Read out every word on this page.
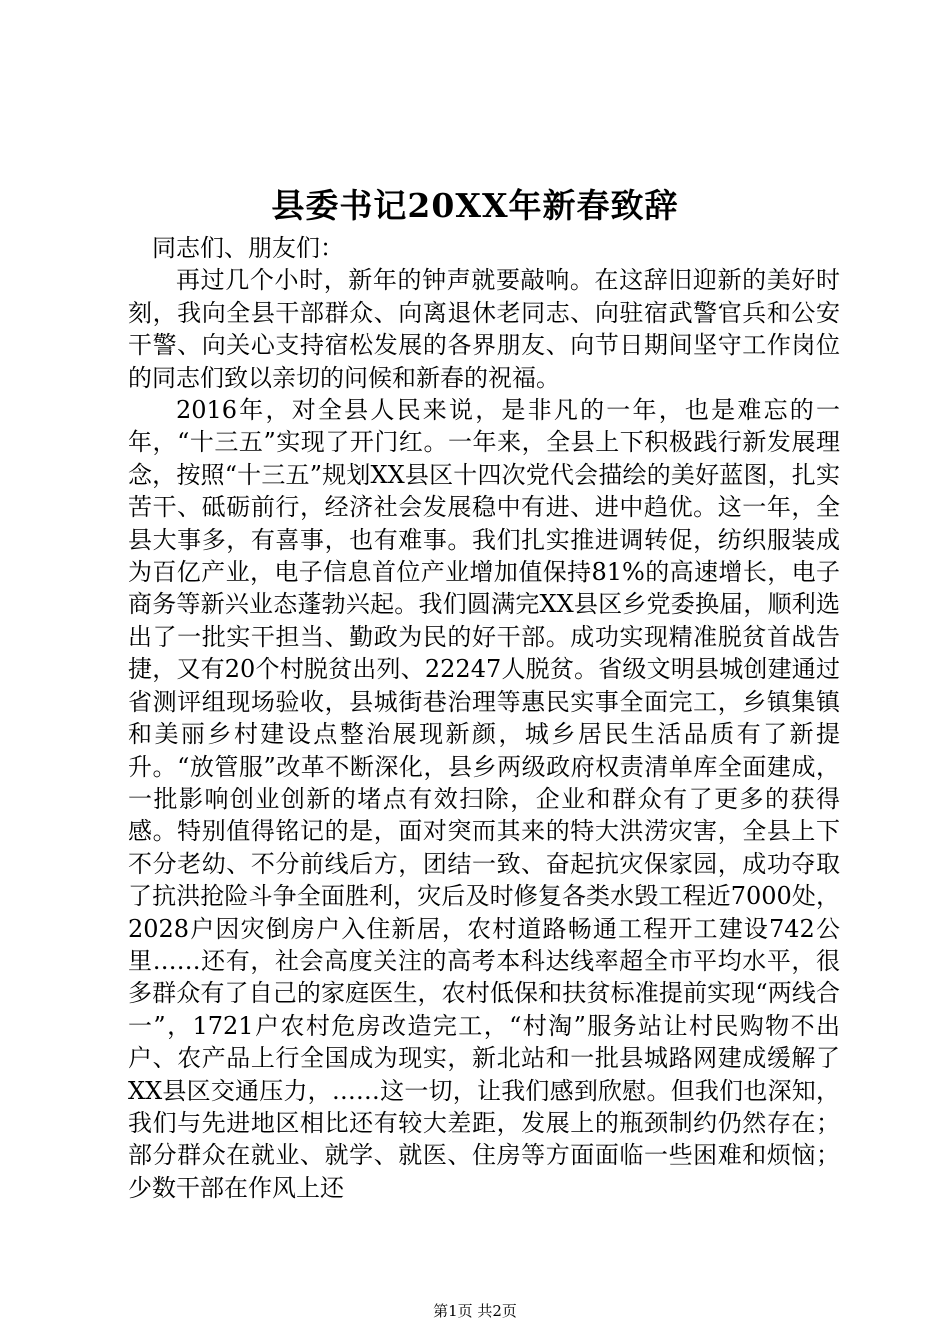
县委书记20XX年新春致辞

同志们、朋友们：

再过几个小时，新年的钟声就要敲响。在这辞旧迎新的美好时刻，我向全县干部群众、向离退休老同志、向驻宿武警官兵和公安干警、向关心支持宿松发展的各界朋友、向节日期间坚守工作岗位的同志们致以亲切的问候和新春的祝福。

2016年，对全县人民来说，是非凡的一年，也是难忘的一年，“十三五”实现了开门红。一年来，全县上下积极践行新发展理念，按照“十三五”规划XX县区十四次党代会描绘的美好蓝图，扎实苦干、砥砺前行，经济社会发展稳中有进、进中趋优。这一年，全县大事多，有喜事，也有难事。我们扎实推进调转促，纺织服装成为百亿产业，电子信息首位产业增加值保持81%的高速增长，电子商务等新兴业态蓬勃兴起。我们圆满完XX县区乡党委换届，顺利选出了一批实干担当、勤政为民的好干部。成功实现精准脱贫首战告捷，又有20个村脱贫出列、22247人脱贫。省级文明县城创建通过省测评组现场验收，县城街巷治理等惠民实事全面完工，乡镇集镇和美丽乡村建设点整治展现新颜，城乡居民生活品质有了新提升。“放管服”改革不断深化，县乡两级政府权责清单库全面建成，一批影响创业创新的堵点有效扫除，企业和群众有了更多的获得感。特别值得铭记的是，面对突而其来的特大洪涝灾害，全县上下不分老幼、不分前线后方，团结一致、奋起抗灾保家园，成功夺取了抗洪抢险斗争全面胜利，灾后及时修复各类水毁工程近7000处，2028户因灾倒房户入住新居，农村道路畅通工程开工建设742公里……还有，社会高度关注的高考本科达线率超全市平均水平，很多群众有了自己的家庭医生，农村低保和扶贫标准提前实现“两线合一”，1721户农村危房改造完工，“村淘”服务站让村民购物不出户、农产品上行全国成为现实，新北站和一批县城路网建成缓解了XX县区交通压力，……这一切，让我们感到欣慰。但我们也深知，我们与先进地区相比还有较大差距，发展上的瓶颈制约仍然存在；部分群众在就业、就学、就医、住房等方面面临一些困难和烦恼；少数干部在作风上还

第1页 共2页
